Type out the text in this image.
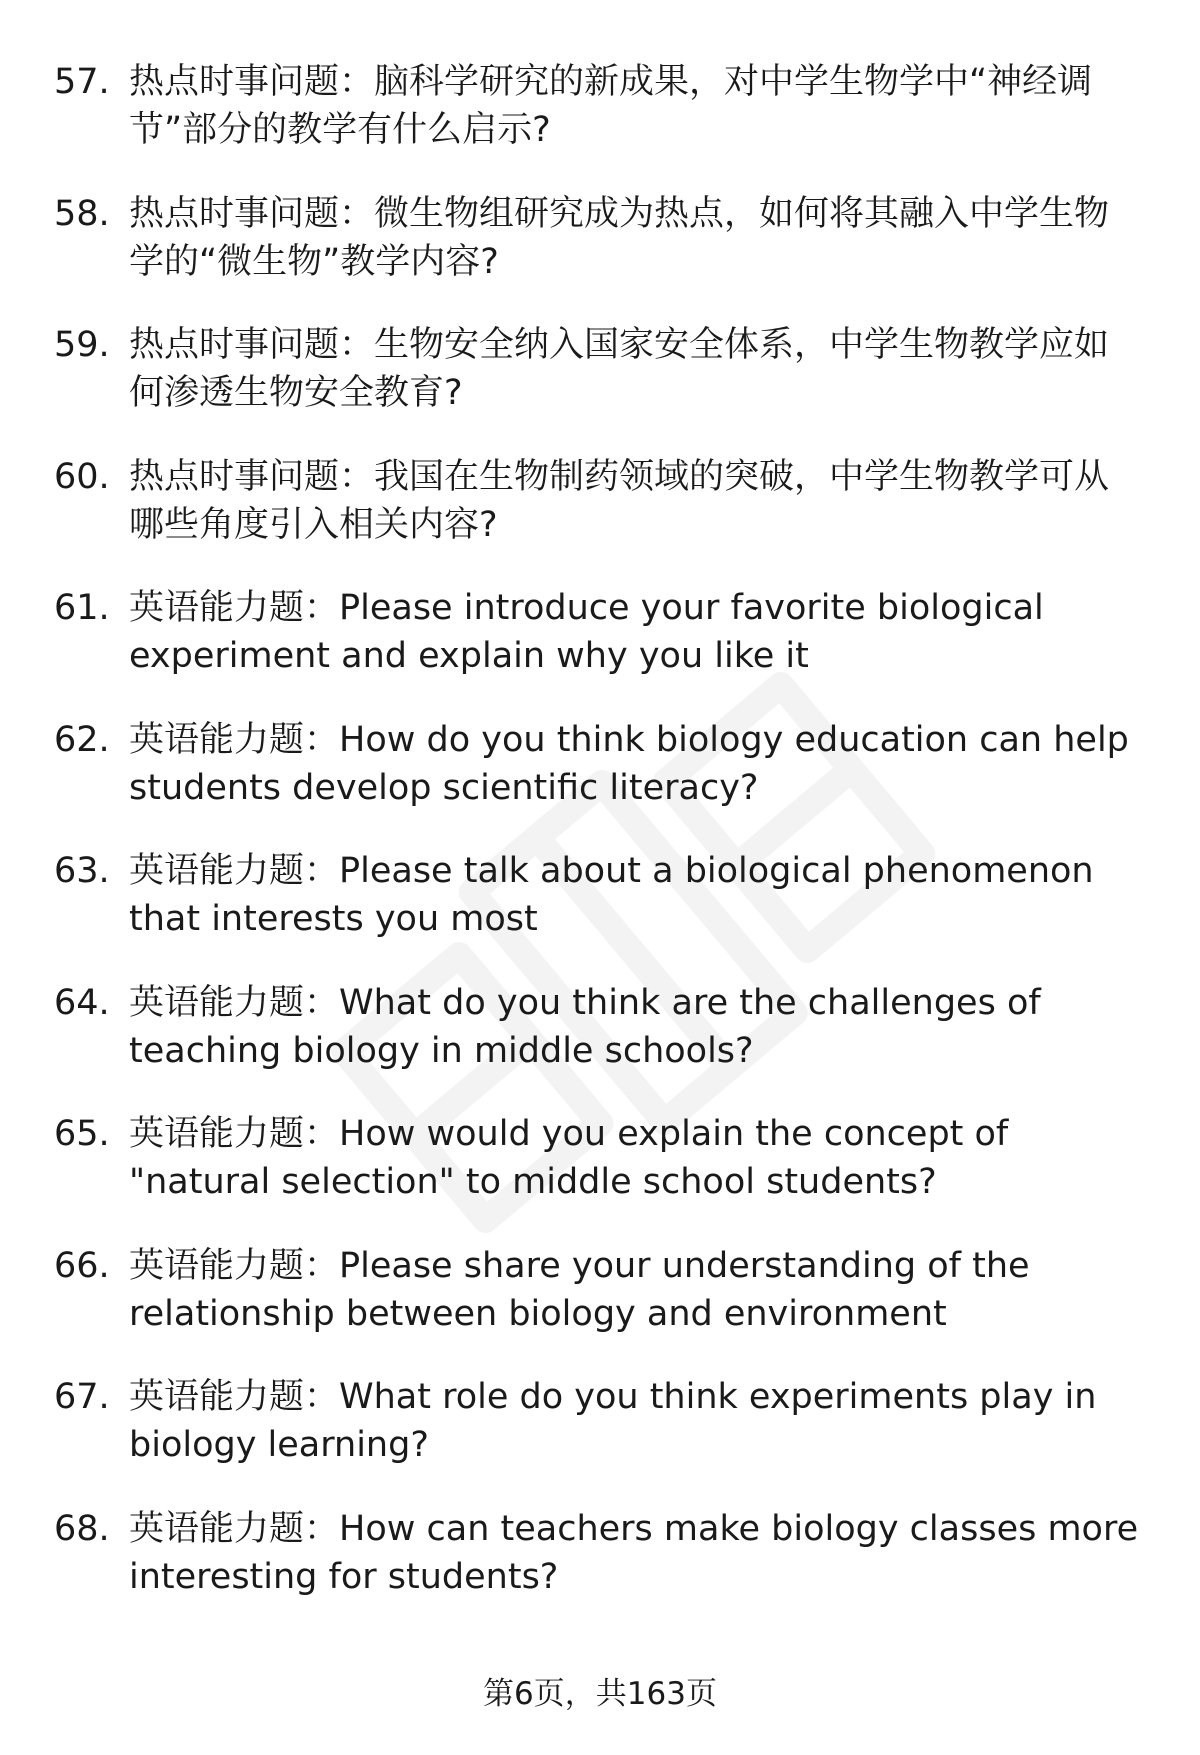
57. 热点时事问题：脑科学研究的新成果，对中学生物学中“神经调节”部分的教学有什么启示?
58. 热点时事问题：微生物组研究成为热点，如何将其融入中学生物学的“微生物”教学内容?
59. 热点时事问题：生物安全纳入国家安全体系，中学生物教学应如何渗透生物安全教育?
60. 热点时事问题：我国在生物制药领域的突破，中学生物教学可从哪些角度引入相关内容?
61. 英语能力题：Please introduce your favorite biological experiment and explain why you like it
62. 英语能力题：How do you think biology education can help students develop scientific literacy?
63. 英语能力题：Please talk about a biological phenomenon that interests you most
64. 英语能力题：What do you think are the challenges of teaching biology in middle schools?
65. 英语能力题：How would you explain the concept of "natural selection" to middle school students?
66. 英语能力题：Please share your understanding of the relationship between biology and environment
67. 英语能力题：What role do you think experiments play in biology learning?
68. 英语能力题：How can teachers make biology classes more interesting for students?
第6页，共163页
